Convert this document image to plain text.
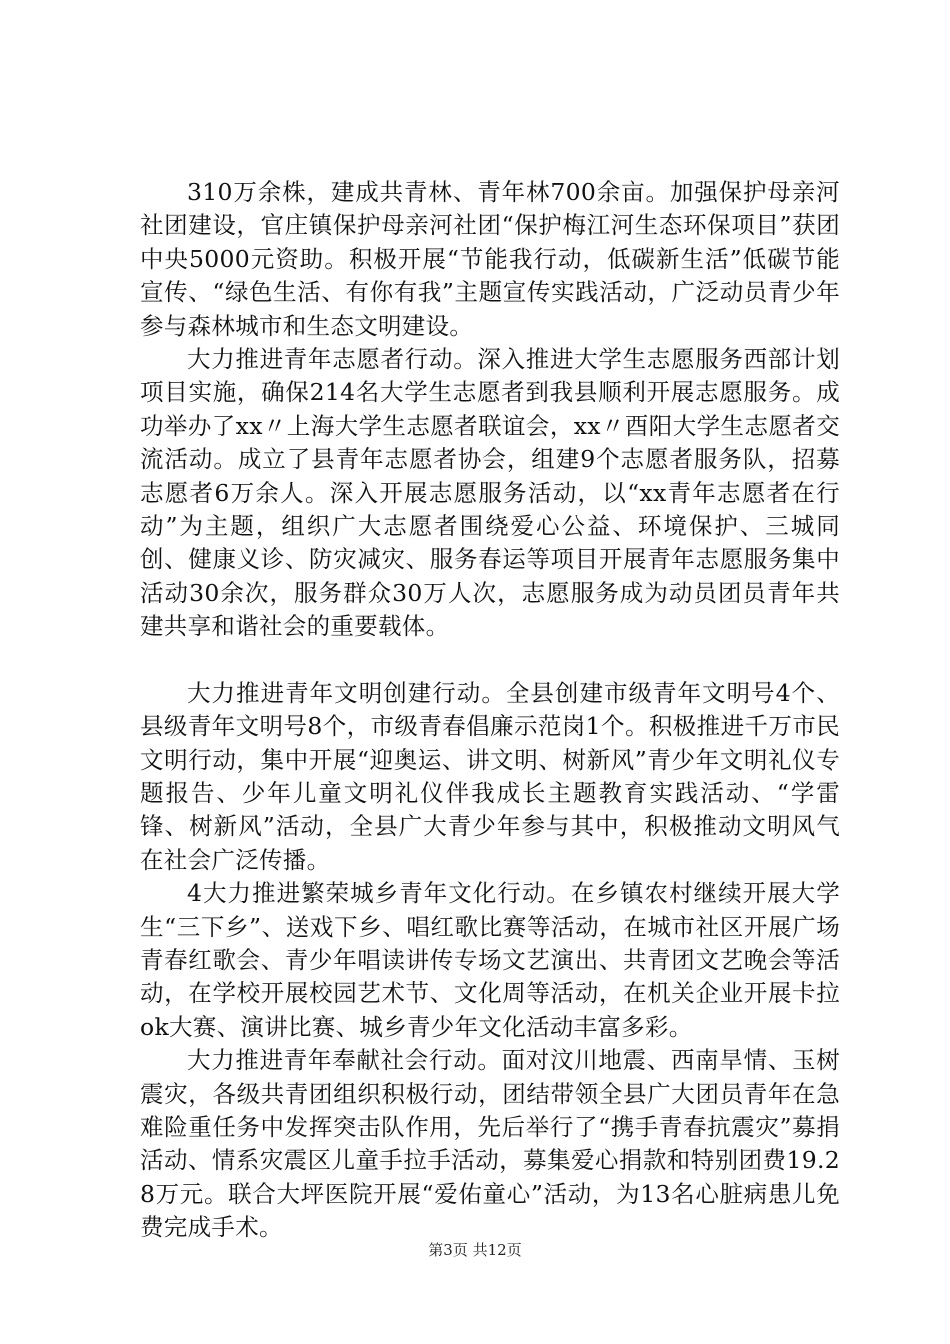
310万余株，建成共青林、青年林700余亩。加强保护母亲河社团建设，官庄镇保护母亲河社团“保护梅江河生态环保项目”获团中央5000元资助。积极开展“节能我行动，低碳新生活”低碳节能宣传、“绿色生活、有你有我”主题宣传实践活动，广泛动员青少年参与森林城市和生态文明建设。

大力推进青年志愿者行动。深入推进大学生志愿服务西部计划项目实施，确保214名大学生志愿者到我县顺利开展志愿服务。成功举办了xx〃上海大学生志愿者联谊会，xx〃酉阳大学生志愿者交流活动。成立了县青年志愿者协会，组建9个志愿者服务队，招募志愿者6万余人。深入开展志愿服务活动，以“xx青年志愿者在行动”为主题，组织广大志愿者围绕爱心公益、环境保护、三城同创、健康义诊、防灾减灾、服务春运等项目开展青年志愿服务集中活动30余次，服务群众30万人次，志愿服务成为动员团员青年共建共享和谐社会的重要载体。

大力推进青年文明创建行动。全县创建市级青年文明号4个、县级青年文明号8个，市级青春倡廉示范岗1个。积极推进千万市民文明行动，集中开展“迎奥运、讲文明、树新风”青少年文明礼仪专题报告、少年儿童文明礼仪伴我成长主题教育实践活动、“学雷锋、树新风”活动，全县广大青少年参与其中，积极推动文明风气在社会广泛传播。

4大力推进繁荣城乡青年文化行动。在乡镇农村继续开展大学生“三下乡”、送戏下乡、唱红歌比赛等活动，在城市社区开展广场青春红歌会、青少年唱读讲传专场文艺演出、共青团文艺晚会等活动，在学校开展校园艺术节、文化周等活动，在机关企业开展卡拉ok大赛、演讲比赛、城乡青少年文化活动丰富多彩。

大力推进青年奉献社会行动。面对汶川地震、西南旱情、玉树震灾，各级共青团组织积极行动，团结带领全县广大团员青年在急难险重任务中发挥突击队作用，先后举行了“携手青春抗震灾”募捐活动、情系灾震区儿童手拉手活动，募集爱心捐款和特别团费19.28万元。联合大坪医院开展“爱佑童心”活动，为13名心脏病患儿免费完成手术。

第3页 共12页
